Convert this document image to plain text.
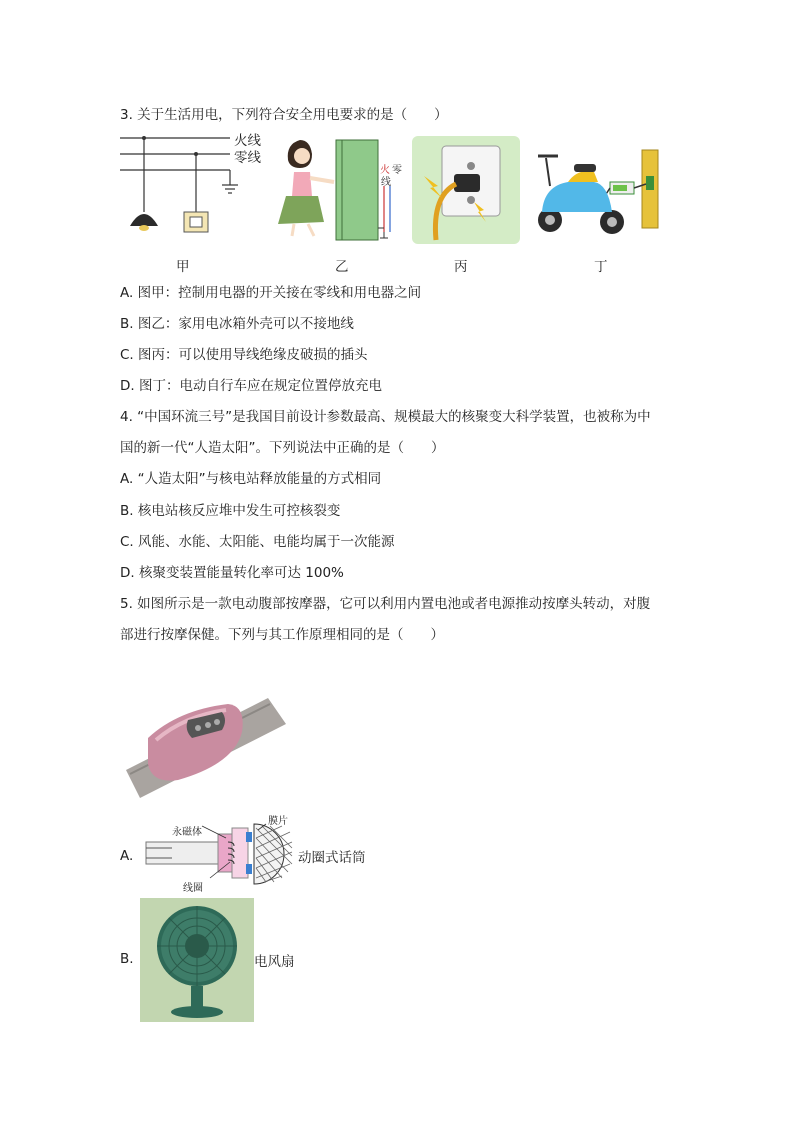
3. 关于生活用电，下列符合安全用电要求的是（　　）
火线
零线
火 零
线
甲	乙	丙	丁
A. 图甲：控制用电器的开关接在零线和用电器之间
B. 图乙：家用电冰箱外壳可以不接地线
C. 图丙：可以使用导线绝缘皮破损的插头
D. 图丁：电动自行车应在规定位置停放充电
4. “中国环流三号”是我国目前设计参数最高、规模最大的核聚变大科学装置，也被称为中
国的新一代“人造太阳”。下列说法中正确的是（　　）
A. “人造太阳”与核电站释放能量的方式相同
B. 核电站核反应堆中发生可控核裂变
C. 风能、水能、太阳能、电能均属于一次能源
D. 核聚变装置能量转化率可达 100%
5. 如图所示是一款电动腹部按摩器，它可以利用内置电池或者电源推动按摩头转动，对腹
部进行按摩保健。下列与其工作原理相同的是（　　）
A.
永磁体
膜片
线圈
动圈式话筒
B.	电风扇
